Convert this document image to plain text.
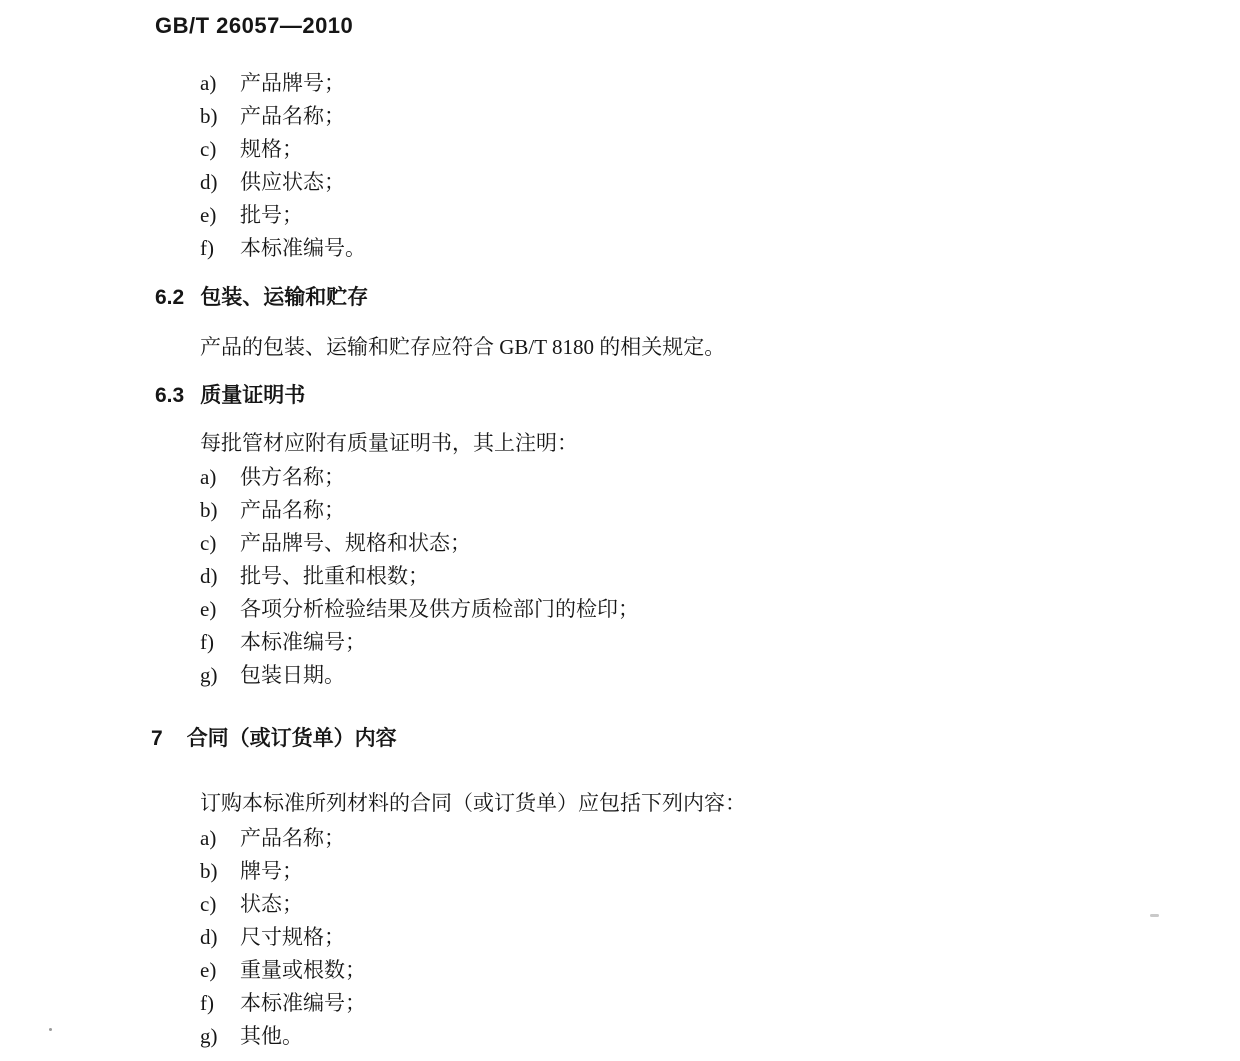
GB/T 26057—2010
a)	产品牌号；
b)	产品名称；
c)	规格；
d)	供应状态；
e)	批号；
f)	本标准编号。
6.2 包装、运输和贮存
产品的包装、运输和贮存应符合 GB/T 8180 的相关规定。
6.3 质量证明书
每批管材应附有质量证明书，其上注明：
a)	供方名称；
b)	产品名称；
c)	产品牌号、规格和状态；
d)	批号、批重和根数；
e)	各项分析检验结果及供方质检部门的检印；
f)	本标准编号；
g)	包装日期。
7 合同（或订货单）内容
订购本标准所列材料的合同（或订货单）应包括下列内容：
a)	产品名称；
b)	牌号；
c)	状态；
d)	尺寸规格；
e)	重量或根数；
f)	本标准编号；
g)	其他。
